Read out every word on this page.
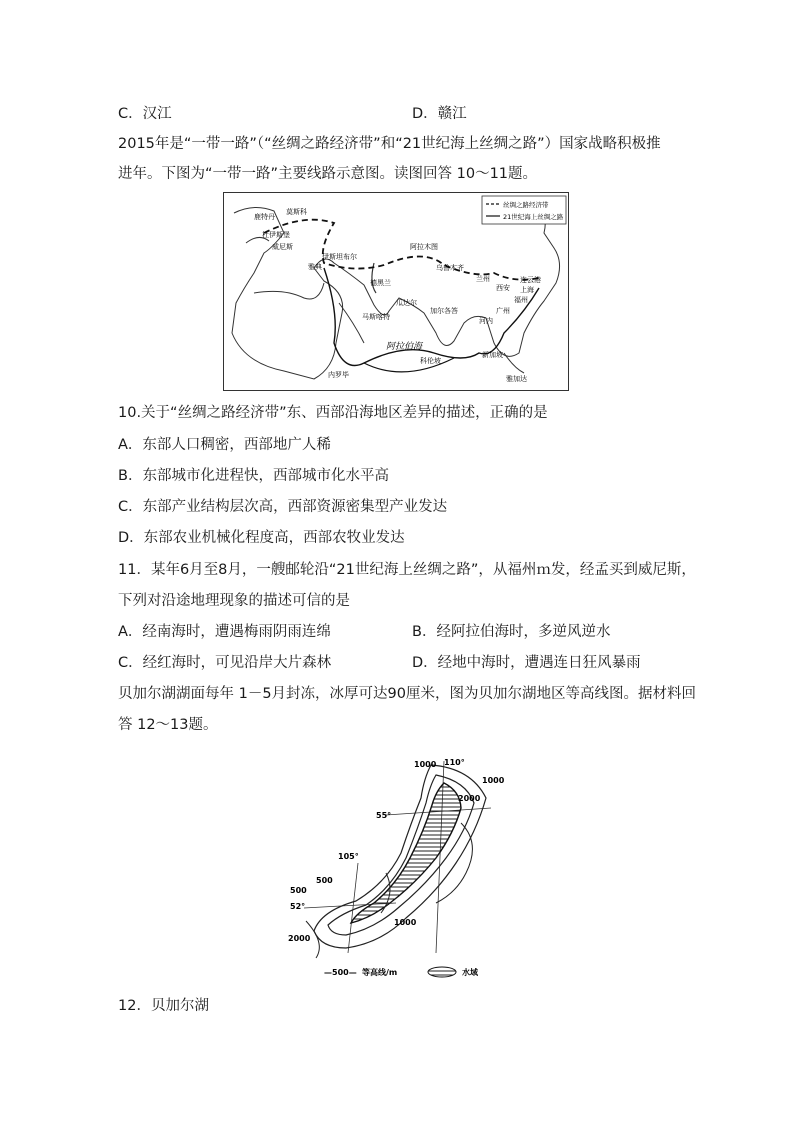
C．汉江	D．赣江
2015年是“一带一路”（“丝绸之路经济带”和“21世纪海上丝绸之路”）国家战略积极推
进年。下图为“一带一路”主要线路示意图。读图回答 10～11题。
丝绸之路经济带
21世纪海上丝绸之路
莫斯科
鹿特丹
杜伊斯堡
威尼斯
伊斯坦布尔
雅典
德黑兰
阿拉木图
乌鲁木齐
兰州
西安
连云港
上海
福州
广州
河内
加尔各答
瓜达尔
马斯喀特
科伦坡
新加坡
雅加达
内罗毕
阿拉伯海
10.关于“丝绸之路经济带”东、西部沿海地区差异的描述，正确的是
A．东部人口稠密，西部地广人稀
B．东部城市化进程快，西部城市化水平高
C．东部产业结构层次高，西部资源密集型产业发达
D．东部农业机械化程度高，西部农牧业发达
11．某年6月至8月，一艘邮轮沿“21世纪海上丝绸之路”，从福州ｍ发，经孟买到威尼斯，
下列对沿途地理现象的描述可信的是
A．经南海时，遭遇梅雨阴雨连绵	B．经阿拉伯海时，多逆风逆水
C．经红海时，可见沿岸大片森林	D．经地中海时，遭遇连日狂风暴雨
贝加尔湖湖面每年 1－5月封冻，冰厚可达90厘米，图为贝加尔湖地区等高线图。据材料回
答 12～13题。
1000 110°
1000
2000
55°
105°
500
500
52°
1000
2000
—500— 等高线/m	水域
12．贝加尔湖
